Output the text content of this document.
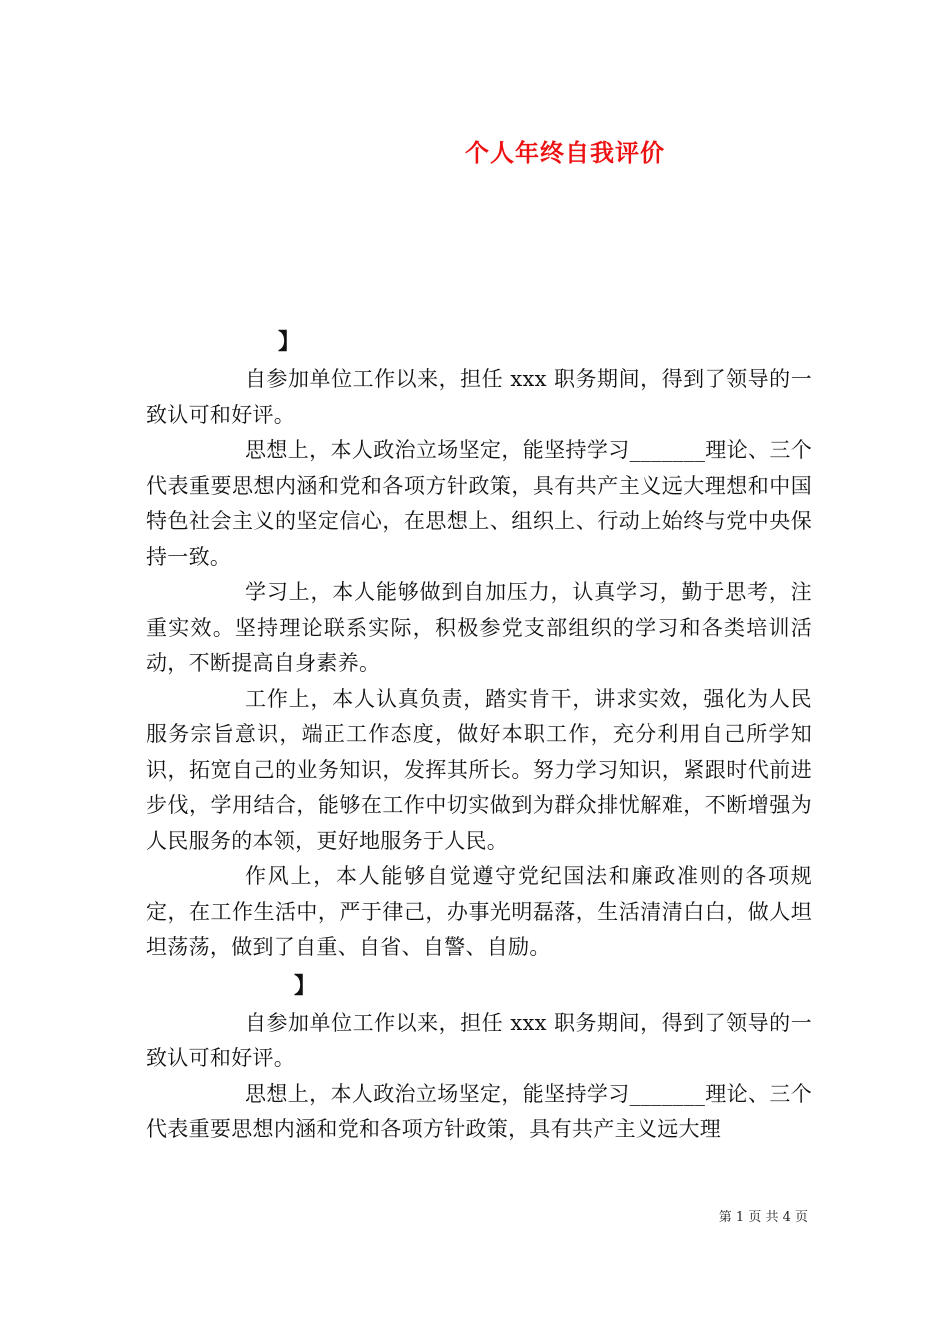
个人年终自我评价
】

自参加单位工作以来，担任 xxx 职务期间，得到了领导的一致认可和好评。

思想上，本人政治立场坚定，能坚持学习_______理论、三个代表重要思想内涵和党和各项方针政策，具有共产主义远大理想和中国特色社会主义的坚定信心，在思想上、组织上、行动上始终与党中央保持一致。

学习上，本人能够做到自加压力，认真学习，勤于思考，注重实效。坚持理论联系实际，积极参党支部组织的学习和各类培训活动，不断提高自身素养。

工作上，本人认真负责，踏实肯干，讲求实效，强化为人民服务宗旨意识，端正工作态度，做好本职工作，充分利用自己所学知识，拓宽自己的业务知识，发挥其所长。努力学习知识，紧跟时代前进步伐，学用结合，能够在工作中切实做到为群众排忧解难，不断增强为人民服务的本领，更好地服务于人民。

作风上，本人能够自觉遵守党纪国法和廉政准则的各项规定，在工作生活中，严于律己，办事光明磊落，生活清清白白，做人坦坦荡荡，做到了自重、自省、自警、自励。

】

自参加单位工作以来，担任 xxx 职务期间，得到了领导的一致认可和好评。

思想上，本人政治立场坚定，能坚持学习_______理论、三个代表重要思想内涵和党和各项方针政策，具有共产主义远大理

第 1 页 共 4 页
